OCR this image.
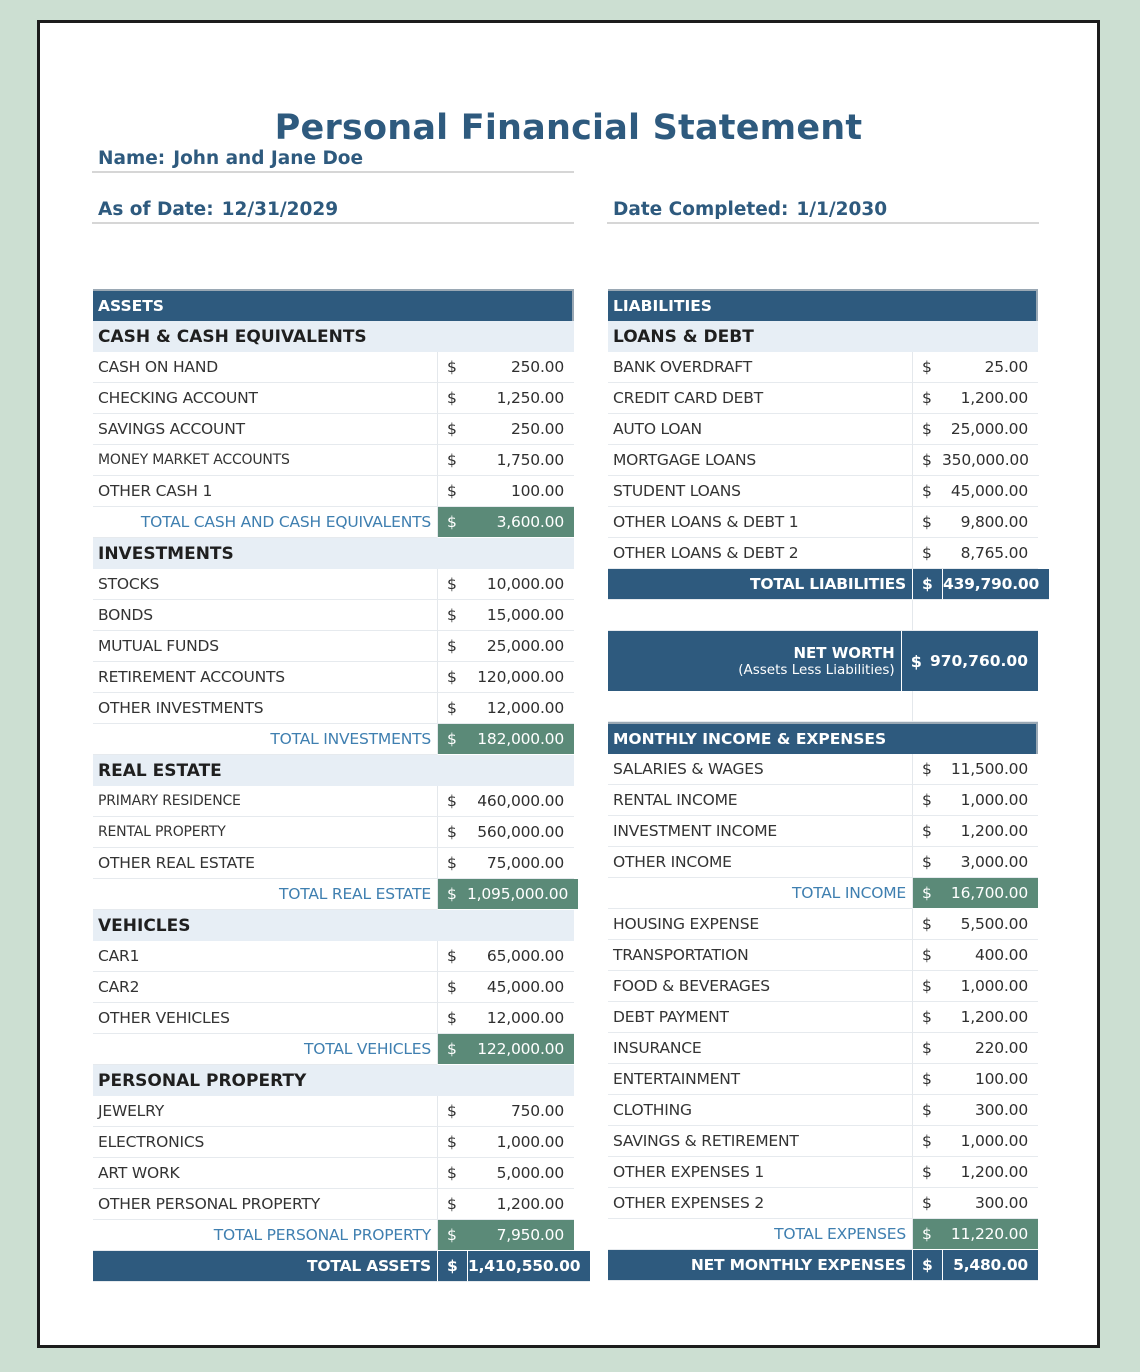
Personal Financial Statement
Name: John and Jane Doe
As of Date: 12/31/2029	Date Completed: 1/1/2030
ASSETS
CASH & CASH EQUIVALENTS
CASH ON HAND	$	250.00
CHECKING ACCOUNT	$	1,250.00
SAVINGS ACCOUNT	$	250.00
MONEY MARKET ACCOUNTS	$	1,750.00
OTHER CASH 1	$	100.00
TOTAL CASH AND CASH EQUIVALENTS	$	3,600.00
INVESTMENTS
STOCKS	$	10,000.00
BONDS	$	15,000.00
MUTUAL FUNDS	$	25,000.00
RETIREMENT ACCOUNTS	$	120,000.00
OTHER INVESTMENTS	$	12,000.00
TOTAL INVESTMENTS	$	182,000.00
REAL ESTATE
PRIMARY RESIDENCE	$	460,000.00
RENTAL PROPERTY	$	560,000.00
OTHER REAL ESTATE	$	75,000.00
TOTAL REAL ESTATE	$ 1,095,000.00
VEHICLES
CAR1	$	65,000.00
CAR2	$	45,000.00
OTHER VEHICLES	$	12,000.00
TOTAL VEHICLES	$	122,000.00
PERSONAL PROPERTY
JEWELRY	$	750.00
ELECTRONICS	$	1,000.00
ART WORK	$	5,000.00
OTHER PERSONAL PROPERTY	$	1,200.00
TOTAL PERSONAL PROPERTY	$	7,950.00
TOTAL ASSETS	$ 1,410,550.00
LIABILITIES
LOANS & DEBT
BANK OVERDRAFT	$	25.00
CREDIT CARD DEBT	$	1,200.00
AUTO LOAN	$	25,000.00
MORTGAGE LOANS	$ 350,000.00
STUDENT LOANS	$	45,000.00
OTHER LOANS & DEBT 1	$	9,800.00
OTHER LOANS & DEBT 2	$	8,765.00
TOTAL LIABILITIES	$ 439,790.00
NET WORTH
(Assets Less Liabilities)	$ 970,760.00
MONTHLY INCOME & EXPENSES
SALARIES & WAGES	$	11,500.00
RENTAL INCOME	$	1,000.00
INVESTMENT INCOME	$	1,200.00
OTHER INCOME	$	3,000.00
TOTAL INCOME	$	16,700.00
HOUSING EXPENSE	$	5,500.00
TRANSPORTATION	$	400.00
FOOD & BEVERAGES	$	1,000.00
DEBT PAYMENT	$	1,200.00
INSURANCE	$	220.00
ENTERTAINMENT	$	100.00
CLOTHING	$	300.00
SAVINGS & RETIREMENT	$	1,000.00
OTHER EXPENSES 1	$	1,200.00
OTHER EXPENSES 2	$	300.00
TOTAL EXPENSES	$	11,220.00
NET MONTHLY EXPENSES	$	5,480.00
